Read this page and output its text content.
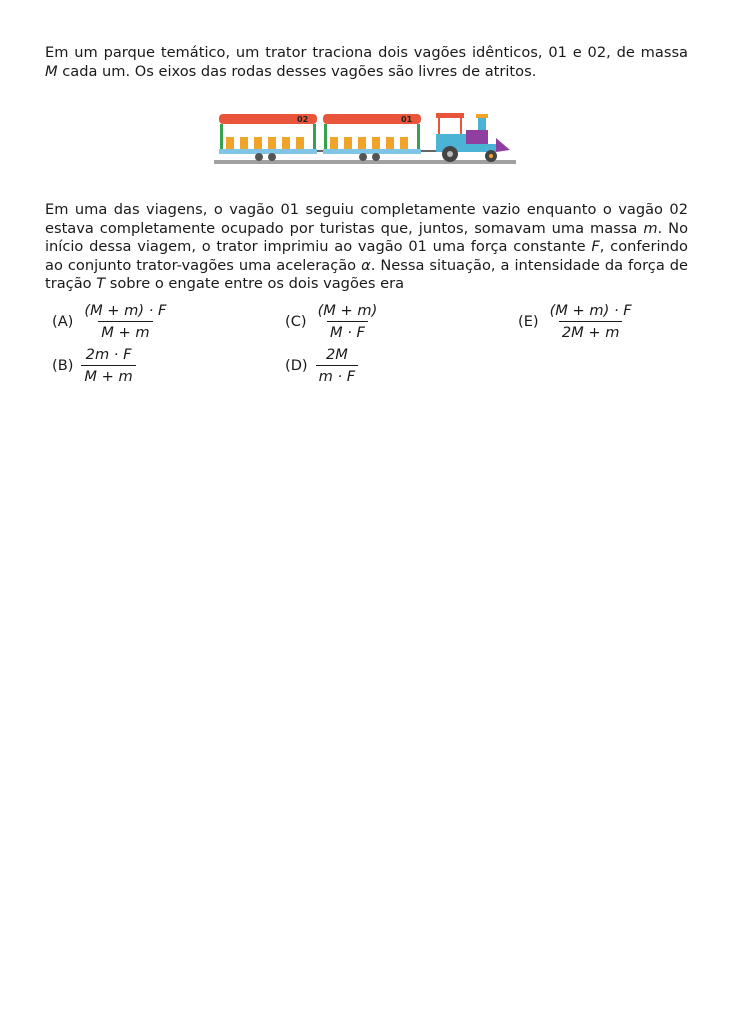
Em um parque temático, um trator traciona dois vagões idênticos, 01 e 02, de massa
M cada um. Os eixos das rodas desses vagões são livres de atritos.

02	01

Em uma das viagens, o vagão 01 seguiu completamente vazio enquanto o vagão 02
estava completamente ocupado por turistas que, juntos, somavam uma massa m. No
início dessa viagem, o trator imprimiu ao vagão 01 uma força constante F, conferindo
ao conjunto trator-vagões uma aceleração α. Nessa situação, a intensidade da força de
tração T sobre o engate entre os dois vagões era

$(A) \frac{(M + m) \cdot F}{M + m}$
$(B) \frac{2m \cdot F}{M + m}$
$(C) \frac{(M + m)}{M \cdot F}$
$(D) \frac{2M}{m \cdot F}$
$(E) \frac{(M + m) \cdot F}{2M + m}$
